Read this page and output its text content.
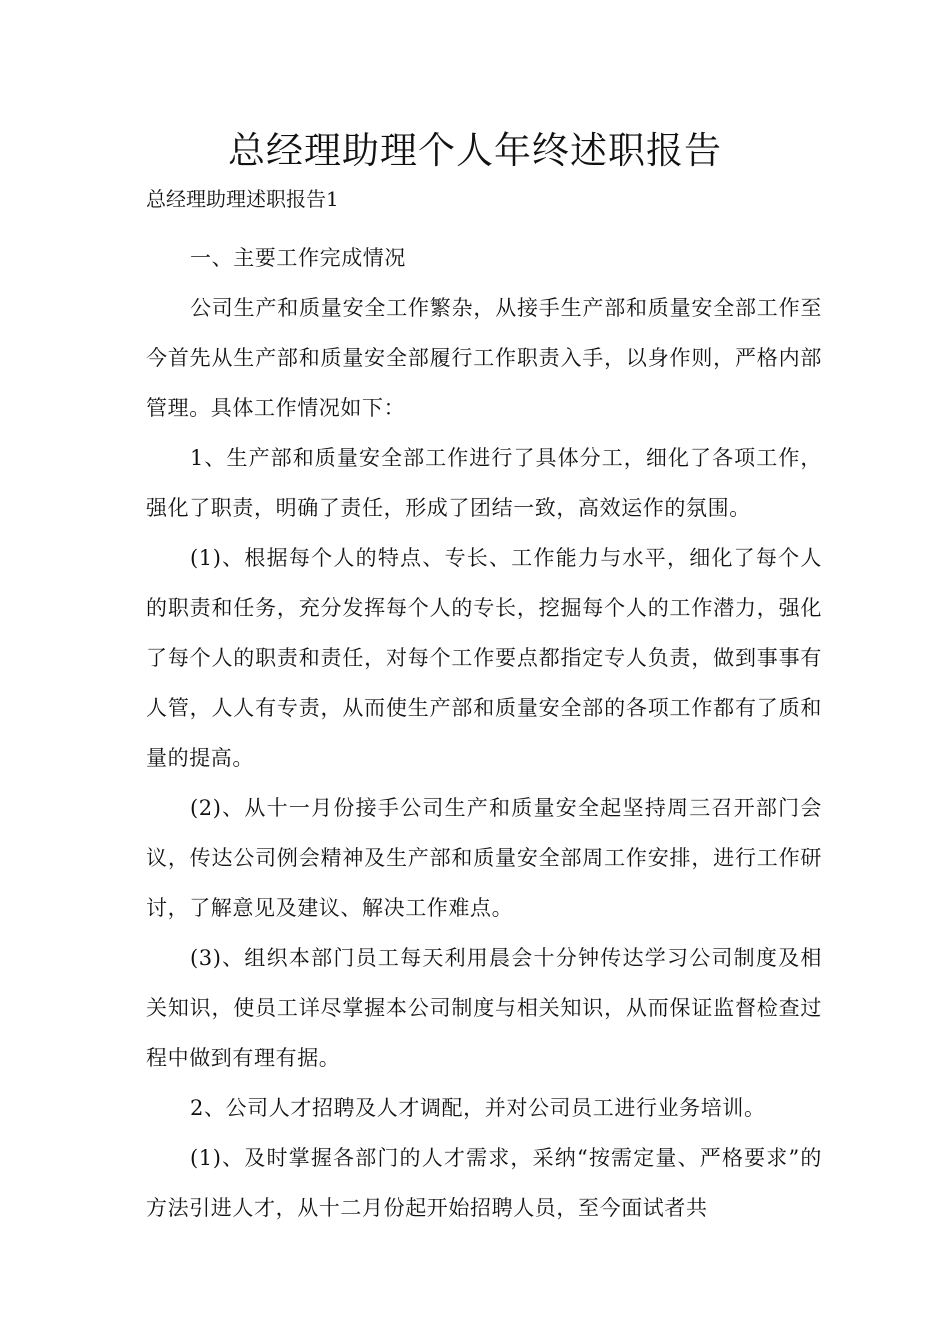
总经理助理个人年终述职报告

总经理助理述职报告1

一、主要工作完成情况

公司生产和质量安全工作繁杂，从接手生产部和质量安全部工作至今首先从生产部和质量安全部履行工作职责入手，以身作则，严格内部管理。具体工作情况如下：

1、生产部和质量安全部工作进行了具体分工，细化了各项工作，强化了职责，明确了责任，形成了团结一致，高效运作的氛围。

(1)、根据每个人的特点、专长、工作能力与水平，细化了每个人的职责和任务，充分发挥每个人的专长，挖掘每个人的工作潜力，强化了每个人的职责和责任，对每个工作要点都指定专人负责，做到事事有人管，人人有专责，从而使生产部和质量安全部的各项工作都有了质和量的提高。

(2)、从十一月份接手公司生产和质量安全起坚持周三召开部门会议，传达公司例会精神及生产部和质量安全部周工作安排，进行工作研讨，了解意见及建议、解决工作难点。

(3)、组织本部门员工每天利用晨会十分钟传达学习公司制度及相关知识，使员工详尽掌握本公司制度与相关知识，从而保证监督检查过程中做到有理有据。

2、公司人才招聘及人才调配，并对公司员工进行业务培训。

(1)、及时掌握各部门的人才需求，采纳“按需定量、严格要求”的方法引进人才，从十二月份起开始招聘人员，至今面试者共
